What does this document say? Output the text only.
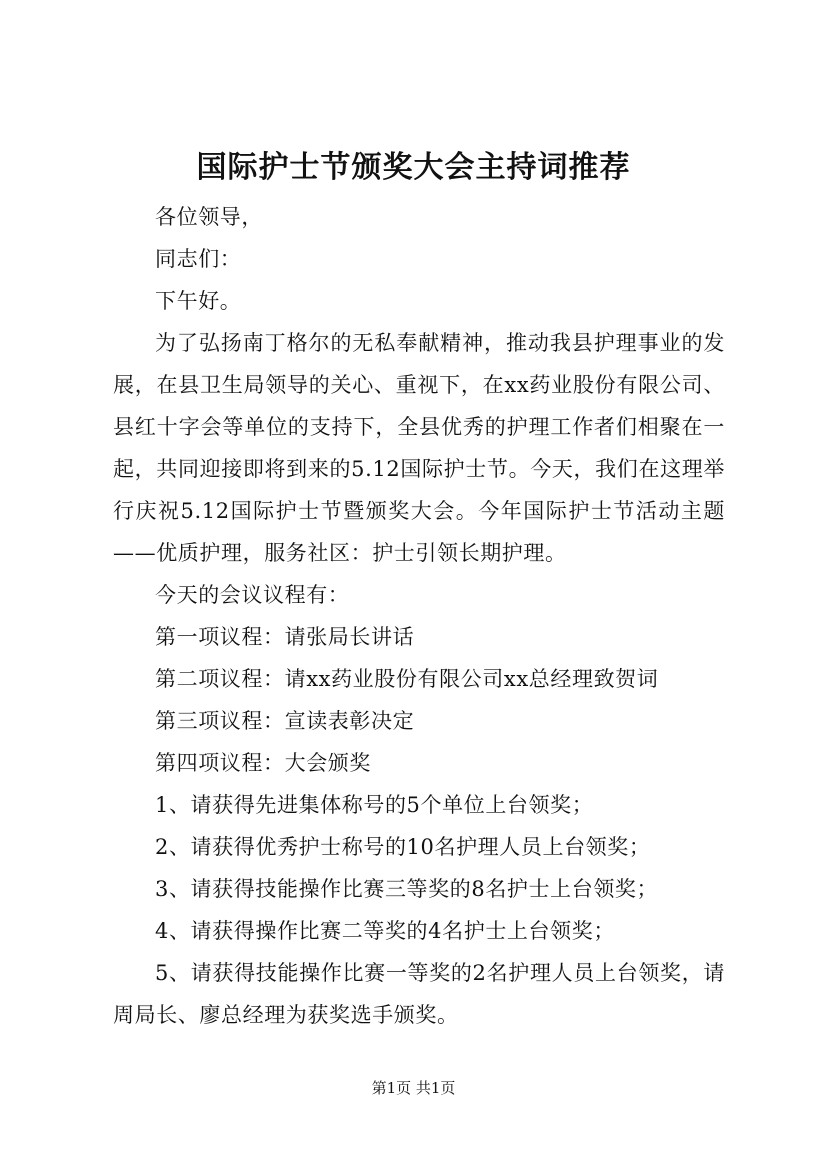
国际护士节颁奖大会主持词推荐

各位领导，

同志们：

下午好。

为了弘扬南丁格尔的无私奉献精神，推动我县护理事业的发展，在县卫生局领导的关心、重视下，在xx药业股份有限公司、县红十字会等单位的支持下，全县优秀的护理工作者们相聚在一起，共同迎接即将到来的5.12国际护士节。今天，我们在这理举行庆祝5.12国际护士节暨颁奖大会。今年国际护士节活动主题——优质护理，服务社区：护士引领长期护理。

今天的会议议程有：

第一项议程：请张局长讲话

第二项议程：请xx药业股份有限公司xx总经理致贺词

第三项议程：宣读表彰决定

第四项议程：大会颁奖

1、请获得先进集体称号的5个单位上台领奖；

2、请获得优秀护士称号的10名护理人员上台领奖；

3、请获得技能操作比赛三等奖的8名护士上台领奖；

4、请获得操作比赛二等奖的4名护士上台领奖；

5、请获得技能操作比赛一等奖的2名护理人员上台领奖，请周局长、廖总经理为获奖选手颁奖。

第1页 共1页
